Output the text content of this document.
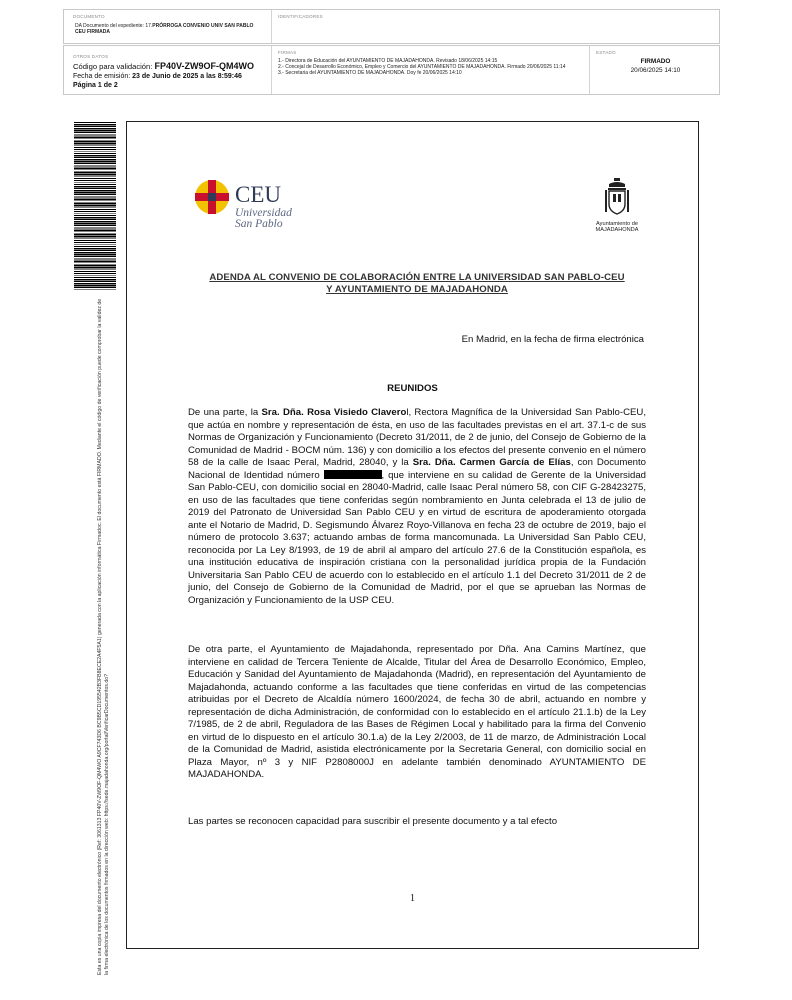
DOCUMENTO
DA Documento del expediente: 17.PRÓRROGA CONVENIO UNIV SAN PABLO CEU FIRMADA
IDENTIFICADORES
OTROS DATOS
Código para validación: FP40V-ZW9OF-QM4WO
Fecha de emisión: 23 de Junio de 2025 a las 8:59:46
Página 1 de 2
FIRMAS
1.- Directora de Educación del AYUNTAMIENTO DE MAJADAHONDA. Revisado 18/06/2025 14:15
2.- Concejal de Desarrollo Económico, Empleo y Comercio del AYUNTAMIENTO DE MAJADAHONDA. Firmado 20/06/2025 11:14
3.- Secretaria del AYUNTAMIENTO DE MAJADAHONDA. Doy fe 20/06/2025 14:10
ESTADO
FIRMADO
20/06/2025 14:10
Esta es una copia impresa del documento electrónico (Ref: 3061313 FP40V-ZW9OF-QM4WO A9CF743D6 BC9B5CD195542B3FB8ECE2A4F5A1) generada con la aplicación informática Firmadoc. El documento está FIRMADO. Mediante el código de verificación puede comprobar la validez de la firma electrónica de los documentos firmados en la dirección web: https://sede.majadahonda.org/portal/VerificarDocumentos.do?
CEU
Universidad
San Pablo	Ayuntamiento de
MAJADAHONDA
ADENDA AL CONVENIO DE COLABORACIÓN ENTRE LA UNIVERSIDAD SAN PABLO-CEU
Y AYUNTAMIENTO DE MAJADAHONDA
En Madrid, en la fecha de firma electrónica
REUNIDOS
De una parte, la Sra. Dña. Rosa Visiedo Claverol, Rectora Magnífica de la Universidad San Pablo-CEU, que actúa en nombre y representación de ésta, en uso de las facultades previstas en el art. 37.1-c de sus Normas de Organización y Funcionamiento (Decreto 31/2011, de 2 de junio, del Consejo de Gobierno de la Comunidad de Madrid - BOCM núm. 136) y con domicilio a los efectos del presente convenio en el número 58 de la calle de Isaac Peral, Madrid, 28040, y la Sra. Dña. Carmen García de Elías, con Documento Nacional de Identidad número	, que interviene en su calidad de Gerente de la Universidad San Pablo-CEU, con domicilio social en 28040-Madrid, calle Isaac Peral número 58, con CIF G-28423275, en uso de las facultades que tiene conferidas según nombramiento en Junta celebrada el 13 de julio de 2019 del Patronato de Universidad San Pablo CEU y en virtud de escritura de apoderamiento otorgada ante el Notario de Madrid, D. Segismundo Álvarez Royo-Villanova en fecha 23 de octubre de 2019, bajo el número de protocolo 3.637; actuando ambas de forma mancomunada. La Universidad San Pablo CEU, reconocida por La Ley 8/1993, de 19 de abril al amparo del artículo 27.6 de la Constitución española, es una institución educativa de inspiración cristiana con la personalidad jurídica propia de la Fundación Universitaria San Pablo CEU de acuerdo con lo establecido en el artículo 1.1 del Decreto 31/2011 de 2 de junio, del Consejo de Gobierno de la Comunidad de Madrid, por el que se aprueban las Normas de Organización y Funcionamiento de la USP CEU.
De otra parte, el Ayuntamiento de Majadahonda, representado por Dña. Ana Camins Martínez, que interviene en calidad de Tercera Teniente de Alcalde, Titular del Área de Desarrollo Económico, Empleo, Educación y Sanidad del Ayuntamiento de Majadahonda (Madrid), en representación del Ayuntamiento de Majadahonda, actuando conforme a las facultades que tiene conferidas en virtud de las competencias atribuidas por el Decreto de Alcaldía número 1600/2024, de fecha 30 de abril, actuando en nombre y representación de dicha Administración, de conformidad con lo establecido en el artículo 21.1.b) de la Ley 7/1985, de 2 de abril, Reguladora de las Bases de Régimen Local y habilitado para la firma del Convenio en virtud de lo dispuesto en el artículo 30.1.a) de la Ley 2/2003, de 11 de marzo, de Administración Local de la Comunidad de Madrid, asistida electrónicamente por la Secretaria General, con domicilio social en Plaza Mayor, nº 3 y NIF P2808000J en adelante también denominado AYUNTAMIENTO DE MAJADAHONDA.
Las partes se reconocen capacidad para suscribir el presente documento y a tal efecto
1
